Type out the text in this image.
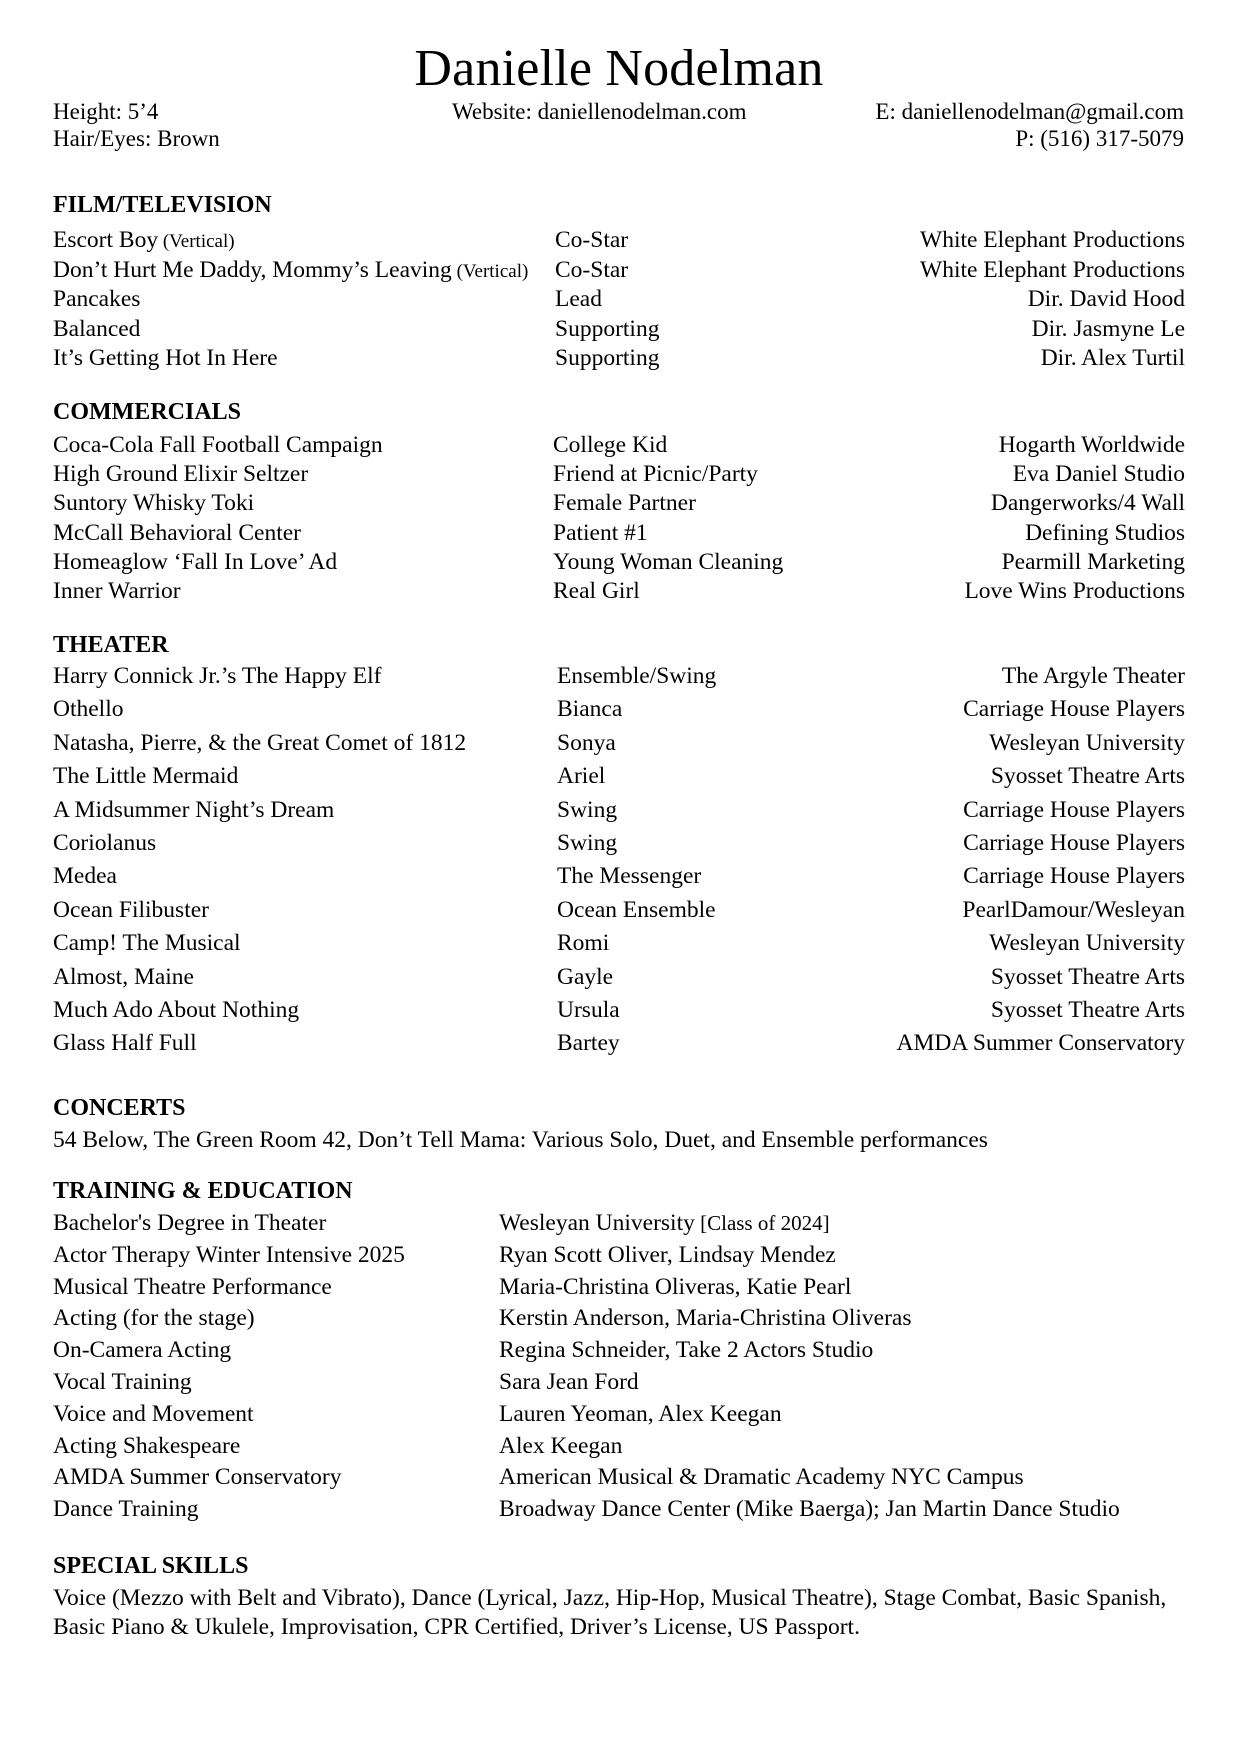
Danielle Nodelman
Height: 5’4
Hair/Eyes: Brown
Website: daniellenodelman.com	E: daniellenodelman@gmail.com
P: (516) 317-5079
FILM/TELEVISION
Escort Boy (Vertical)	Co-Star	White Elephant Productions
Don’t Hurt Me Daddy, Mommy’s Leaving (Vertical) Co-Star	White Elephant Productions
Pancakes	Lead	Dir. David Hood
Balanced	Supporting	Dir. Jasmyne Le
It’s Getting Hot In Here	Supporting	Dir. Alex Turtil
COMMERCIALS
Coca-Cola Fall Football Campaign	College Kid	Hogarth Worldwide
High Ground Elixir Seltzer	Friend at Picnic/Party	Eva Daniel Studio
Suntory Whisky Toki	Female Partner	Dangerworks/4 Wall
McCall Behavioral Center	Patient #1	Defining Studios
Homeaglow ‘Fall In Love’ Ad	Young Woman Cleaning	Pearmill Marketing
Inner Warrior	Real Girl	Love Wins Productions
THEATER
Harry Connick Jr.’s The Happy Elf	Ensemble/Swing	The Argyle Theater
Othello	Bianca	Carriage House Players
Natasha, Pierre, & the Great Comet of 1812	Sonya	Wesleyan University
The Little Mermaid	Ariel	Syosset Theatre Arts
A Midsummer Night’s Dream	Swing	Carriage House Players
Coriolanus	Swing	Carriage House Players
Medea	The Messenger	Carriage House Players
Ocean Filibuster	Ocean Ensemble	PearlDamour/Wesleyan
Camp! The Musical	Romi	Wesleyan University
Almost, Maine	Gayle	Syosset Theatre Arts
Much Ado About Nothing	Ursula	Syosset Theatre Arts
Glass Half Full	Bartey	AMDA Summer Conservatory
CONCERTS
54 Below, The Green Room 42, Don’t Tell Mama: Various Solo, Duet, and Ensemble performances
TRAINING & EDUCATION
Bachelor's Degree in Theater	Wesleyan University [Class of 2024]
Actor Therapy Winter Intensive 2025	Ryan Scott Oliver, Lindsay Mendez
Musical Theatre Performance	Maria-Christina Oliveras, Katie Pearl
Acting (for the stage)	Kerstin Anderson, Maria-Christina Oliveras
On-Camera Acting	Regina Schneider, Take 2 Actors Studio
Vocal Training	Sara Jean Ford
Voice and Movement	Lauren Yeoman, Alex Keegan
Acting Shakespeare	Alex Keegan
AMDA Summer Conservatory	American Musical & Dramatic Academy NYC Campus
Dance Training	Broadway Dance Center (Mike Baerga); Jan Martin Dance Studio
SPECIAL SKILLS
Voice (Mezzo with Belt and Vibrato), Dance (Lyrical, Jazz, Hip-Hop, Musical Theatre), Stage Combat, Basic Spanish, Basic Piano & Ukulele, Improvisation, CPR Certified, Driver’s License, US Passport.
